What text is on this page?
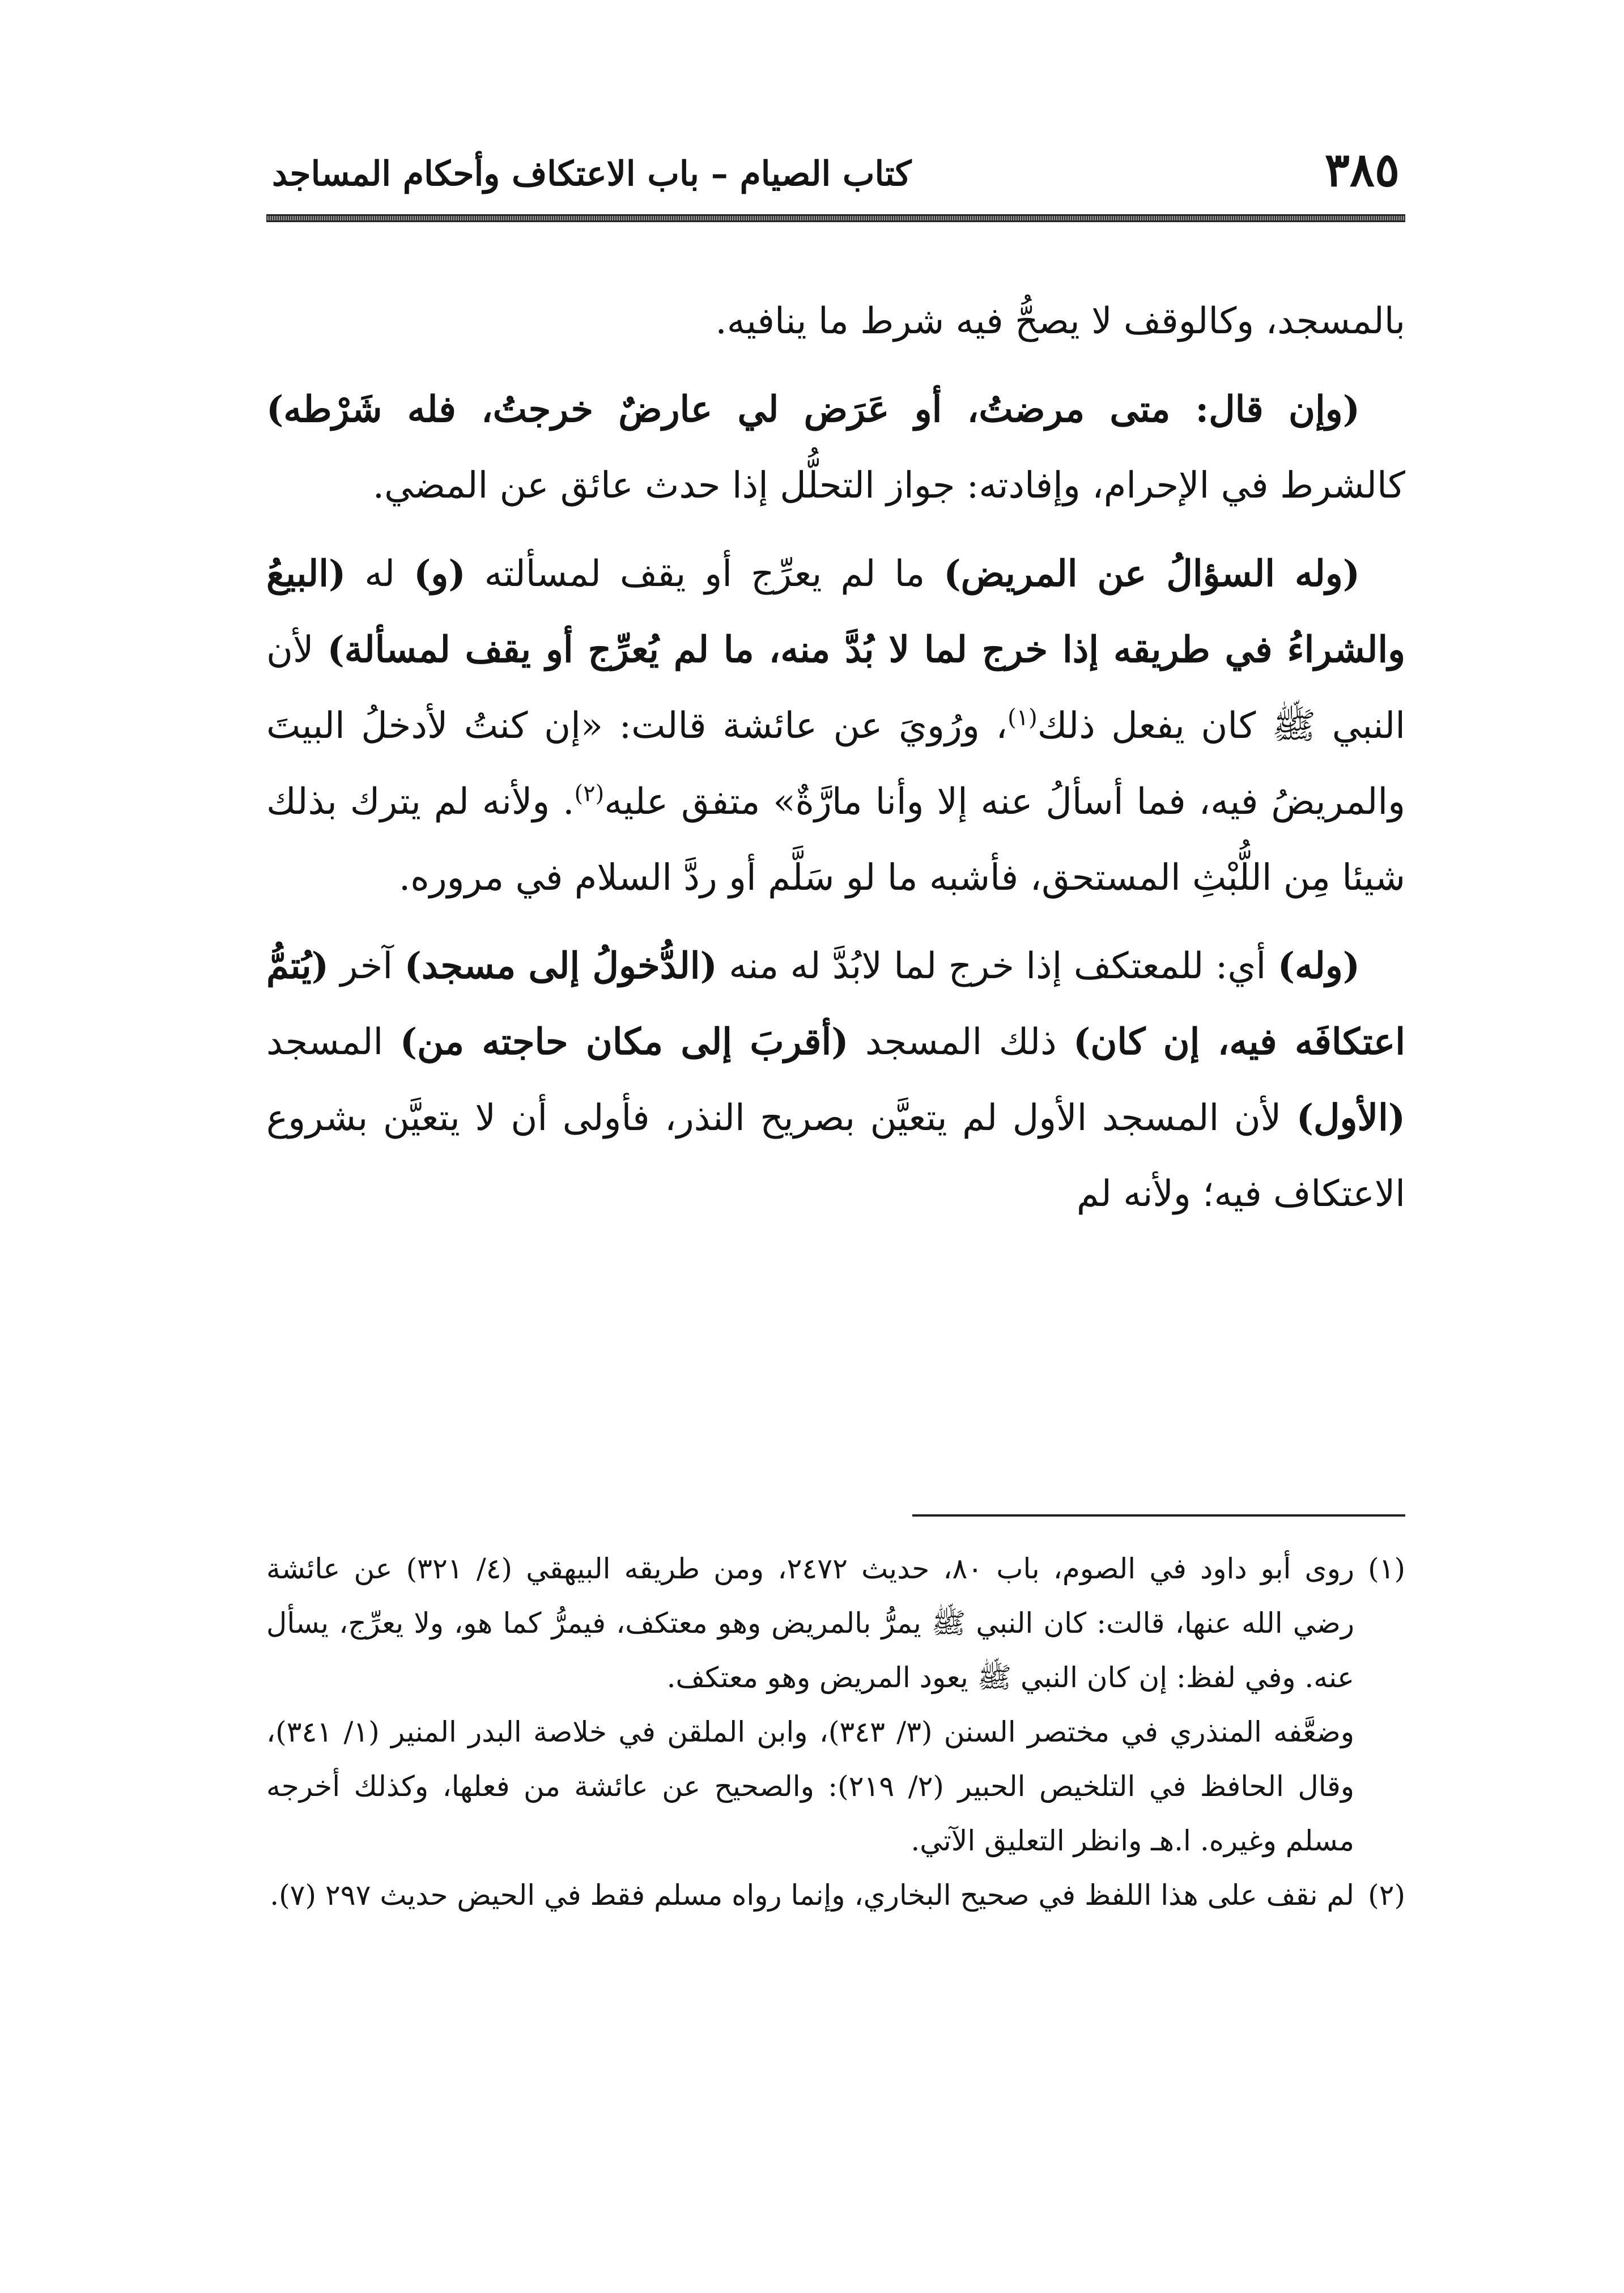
٣٨٥
كتاب الصيام – باب الاعتكاف وأحكام المساجد

بالمسجد، وكالوقف لا يصحُّ فيه شرط ما ينافيه.

(وإن قال: متى مرضتُ، أو عَرَض لي عارضٌ خرجتُ، فله شَرْطه) كالشرط في الإحرام، وإفادته: جواز التحلُّل إذا حدث عائق عن المضي.

(وله السؤالُ عن المريض) ما لم يعرِّج أو يقف لمسألته (و) له (البيعُ والشراءُ في طريقه إذا خرج لما لا بُدَّ منه، ما لم يُعرِّج أو يقف لمسألة) لأن النبي ﷺ كان يفعل ذلك$^{(١)}$، ورُويَ عن عائشة قالت: «إن كنتُ لأدخلُ البيتَ والمريضُ فيه، فما أسألُ عنه إلا وأنا مارَّةٌ» متفق عليه$^{(٢)}$. ولأنه لم يترك بذلك شيئا مِن اللُّبْثِ المستحق، فأشبه ما لو سَلَّم أو ردَّ السلام في مروره.

(وله) أي: للمعتكف إذا خرج لما لابُدَّ له منه (الدُّخولُ إلى مسجد) آخر (يُتمُّ اعتكافَه فيه، إن كان) ذلك المسجد (أقربَ إلى مكان حاجته من) المسجد (الأول) لأن المسجد الأول لم يتعيَّن بصريح النذر، فأولى أن لا يتعيَّن بشروع الاعتكاف فيه؛ ولأنه لم

(١)

روى أبو داود في الصوم، باب ٨٠، حديث ٢٤٧٢، ومن طريقه البيهقي (٤/ ٣٢١) عن عائشة رضي الله عنها، قالت: كان النبي ﷺ يمرُّ بالمريض وهو معتكف، فيمرُّ كما هو، ولا يعرِّج، يسأل عنه. وفي لفظ: إن كان النبي ﷺ يعود المريض وهو معتكف.

وضعَّفه المنذري في مختصر السنن (٣/ ٣٤٣)، وابن الملقن في خلاصة البدر المنير (١/ ٣٤١)، وقال الحافظ في التلخيص الحبير (٢/ ٢١٩): والصحيح عن عائشة من فعلها، وكذلك أخرجه مسلم وغيره. ا.هـ وانظر التعليق الآتي.

(٢)

لم نقف على هذا اللفظ في صحيح البخاري، وإنما رواه مسلم فقط في الحيض حديث ٢٩٧ (٧).
